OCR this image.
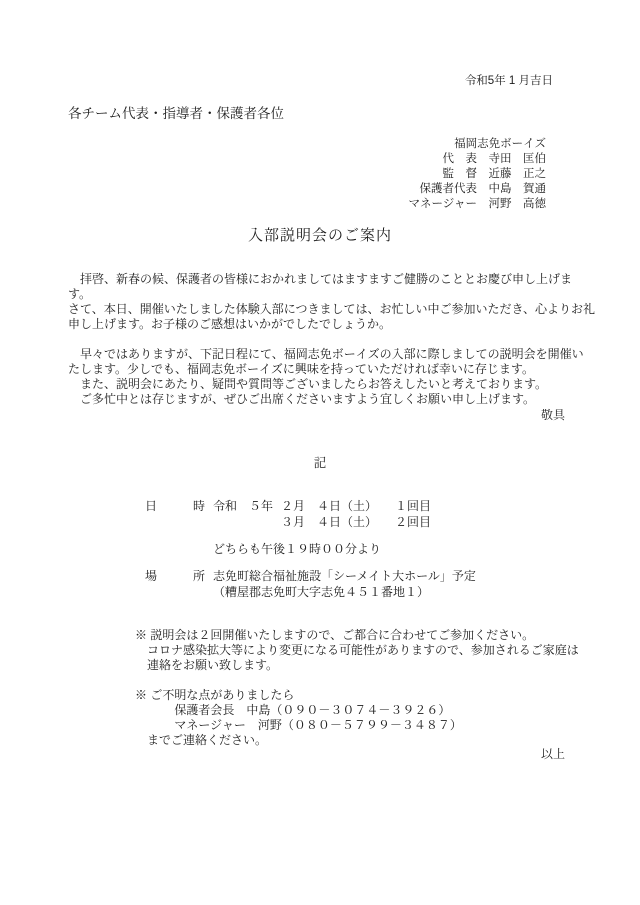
令和5年 1 月吉日
各チーム代表・指導者・保護者各位
福岡志免ボーイズ
代　表　寺田　匡伯
監　督　近藤　正之
保護者代表　中島　賀通
マネージャー　河野　高徳
入部説明会のご案内
　拝啓、新春の候、保護者の皆様におかれましてはますますご健勝のこととお慶び申し上げま
す。
さて、本日、開催いたしました体験入部につきましては、お忙しい中ご参加いただき、心よりお礼
申し上げます。お子様のご感想はいかがでしたでしょうか。
　早々ではありますが、下記日程にて、福岡志免ボーイズの入部に際しましての説明会を開催い
たします。少しでも、福岡志免ボーイズに興味を持っていただければ幸いに存じます。
　また、説明会にあたり、疑問や質問等ございましたらお答えしたいと考えております。
　ご多忙中とは存じますが、ぜひご出席くださいますよう宜しくお願い申し上げます。
敬具
記
日　　　時 令和　５年 ２月　４日（土）　　１回目
３月　４日（土）　　２回目
どちらも午後１９時００分より
場　　　所 志免町総合福祉施設「シーメイト大ホール」予定
（糟屋郡志免町大字志免４５１番地１）
※ 説明会は２回開催いたしますので、ご都合に合わせてご参加ください。
　コロナ感染拡大等により変更になる可能性がありますので、参加されるご家庭は
　連絡をお願い致します。
※ ご不明な点がありましたら
　　　 保護者会長　中島（０９０－３０７４－３９２６）
　　　 マネージャー　河野（０８０－５７９９－３４８７）
　までご連絡ください。
以上
